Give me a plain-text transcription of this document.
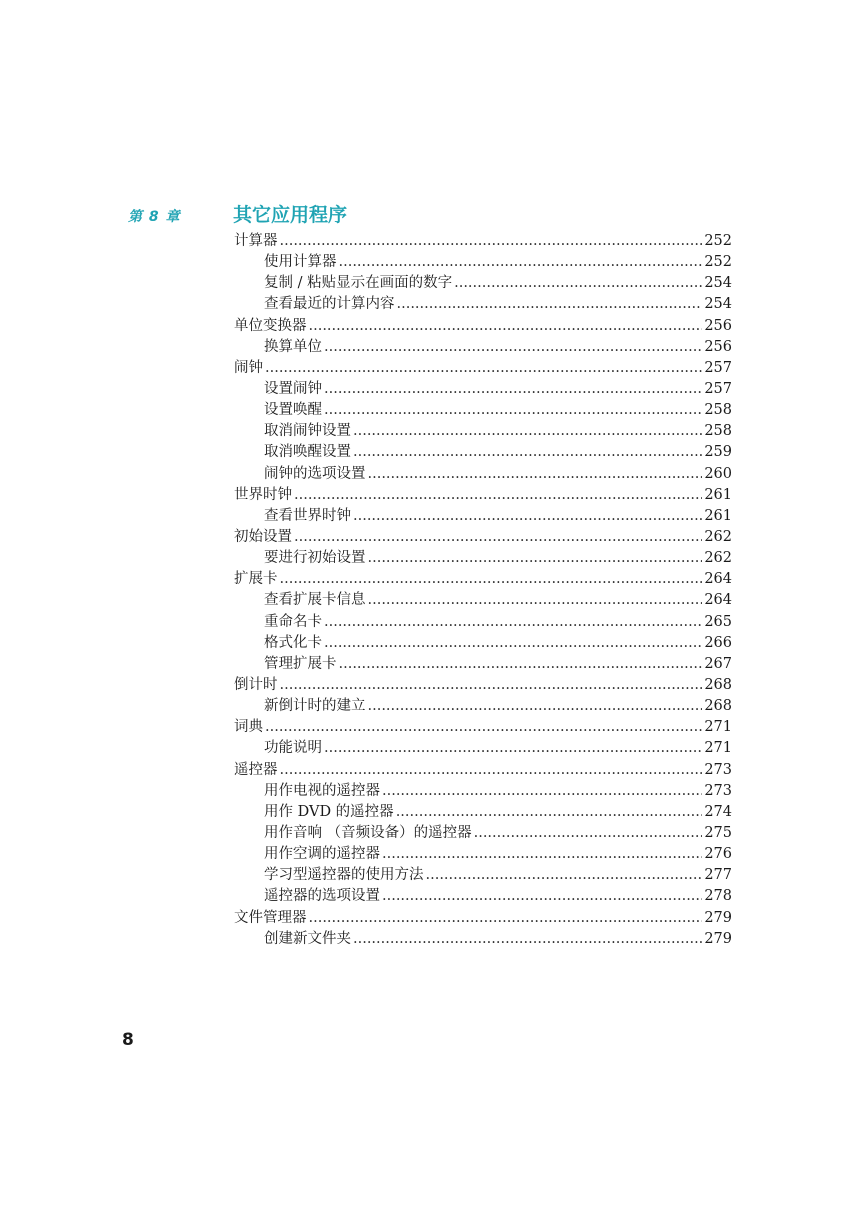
第 8 章	其它应用程序
计算器 .....	252
使用计算器 .....	252
复制 / 粘贴显示在画面的数字 .....	254
查看最近的计算内容 .....	254
单位变换器 .....	256
换算单位 .....	256
闹钟 .....	257
设置闹钟 .....	257
设置唤醒 .....	258
取消闹钟设置 .....	258
取消唤醒设置 .....	259
闹钟的选项设置 .....	260
世界时钟 .....	261
查看世界时钟 .....	261
初始设置 .....	262
要进行初始设置 .....	262
扩展卡 .....	264
查看扩展卡信息 .....	264
重命名卡 .....	265
格式化卡 .....	266
管理扩展卡 .....	267
倒计时 .....	268
新倒计时的建立 .....	268
词典 .....	271
功能说明 .....	271
遥控器 .....	273
用作电视的遥控器 .....	273
用作 DVD 的遥控器 .....	274
用作音响 （音频设备）的遥控器 .....	275
用作空调的遥控器 .....	276
学习型遥控器的使用方法 .....	277
遥控器的选项设置 .....	278
文件管理器 .....	279
创建新文件夹 .....	279
8
